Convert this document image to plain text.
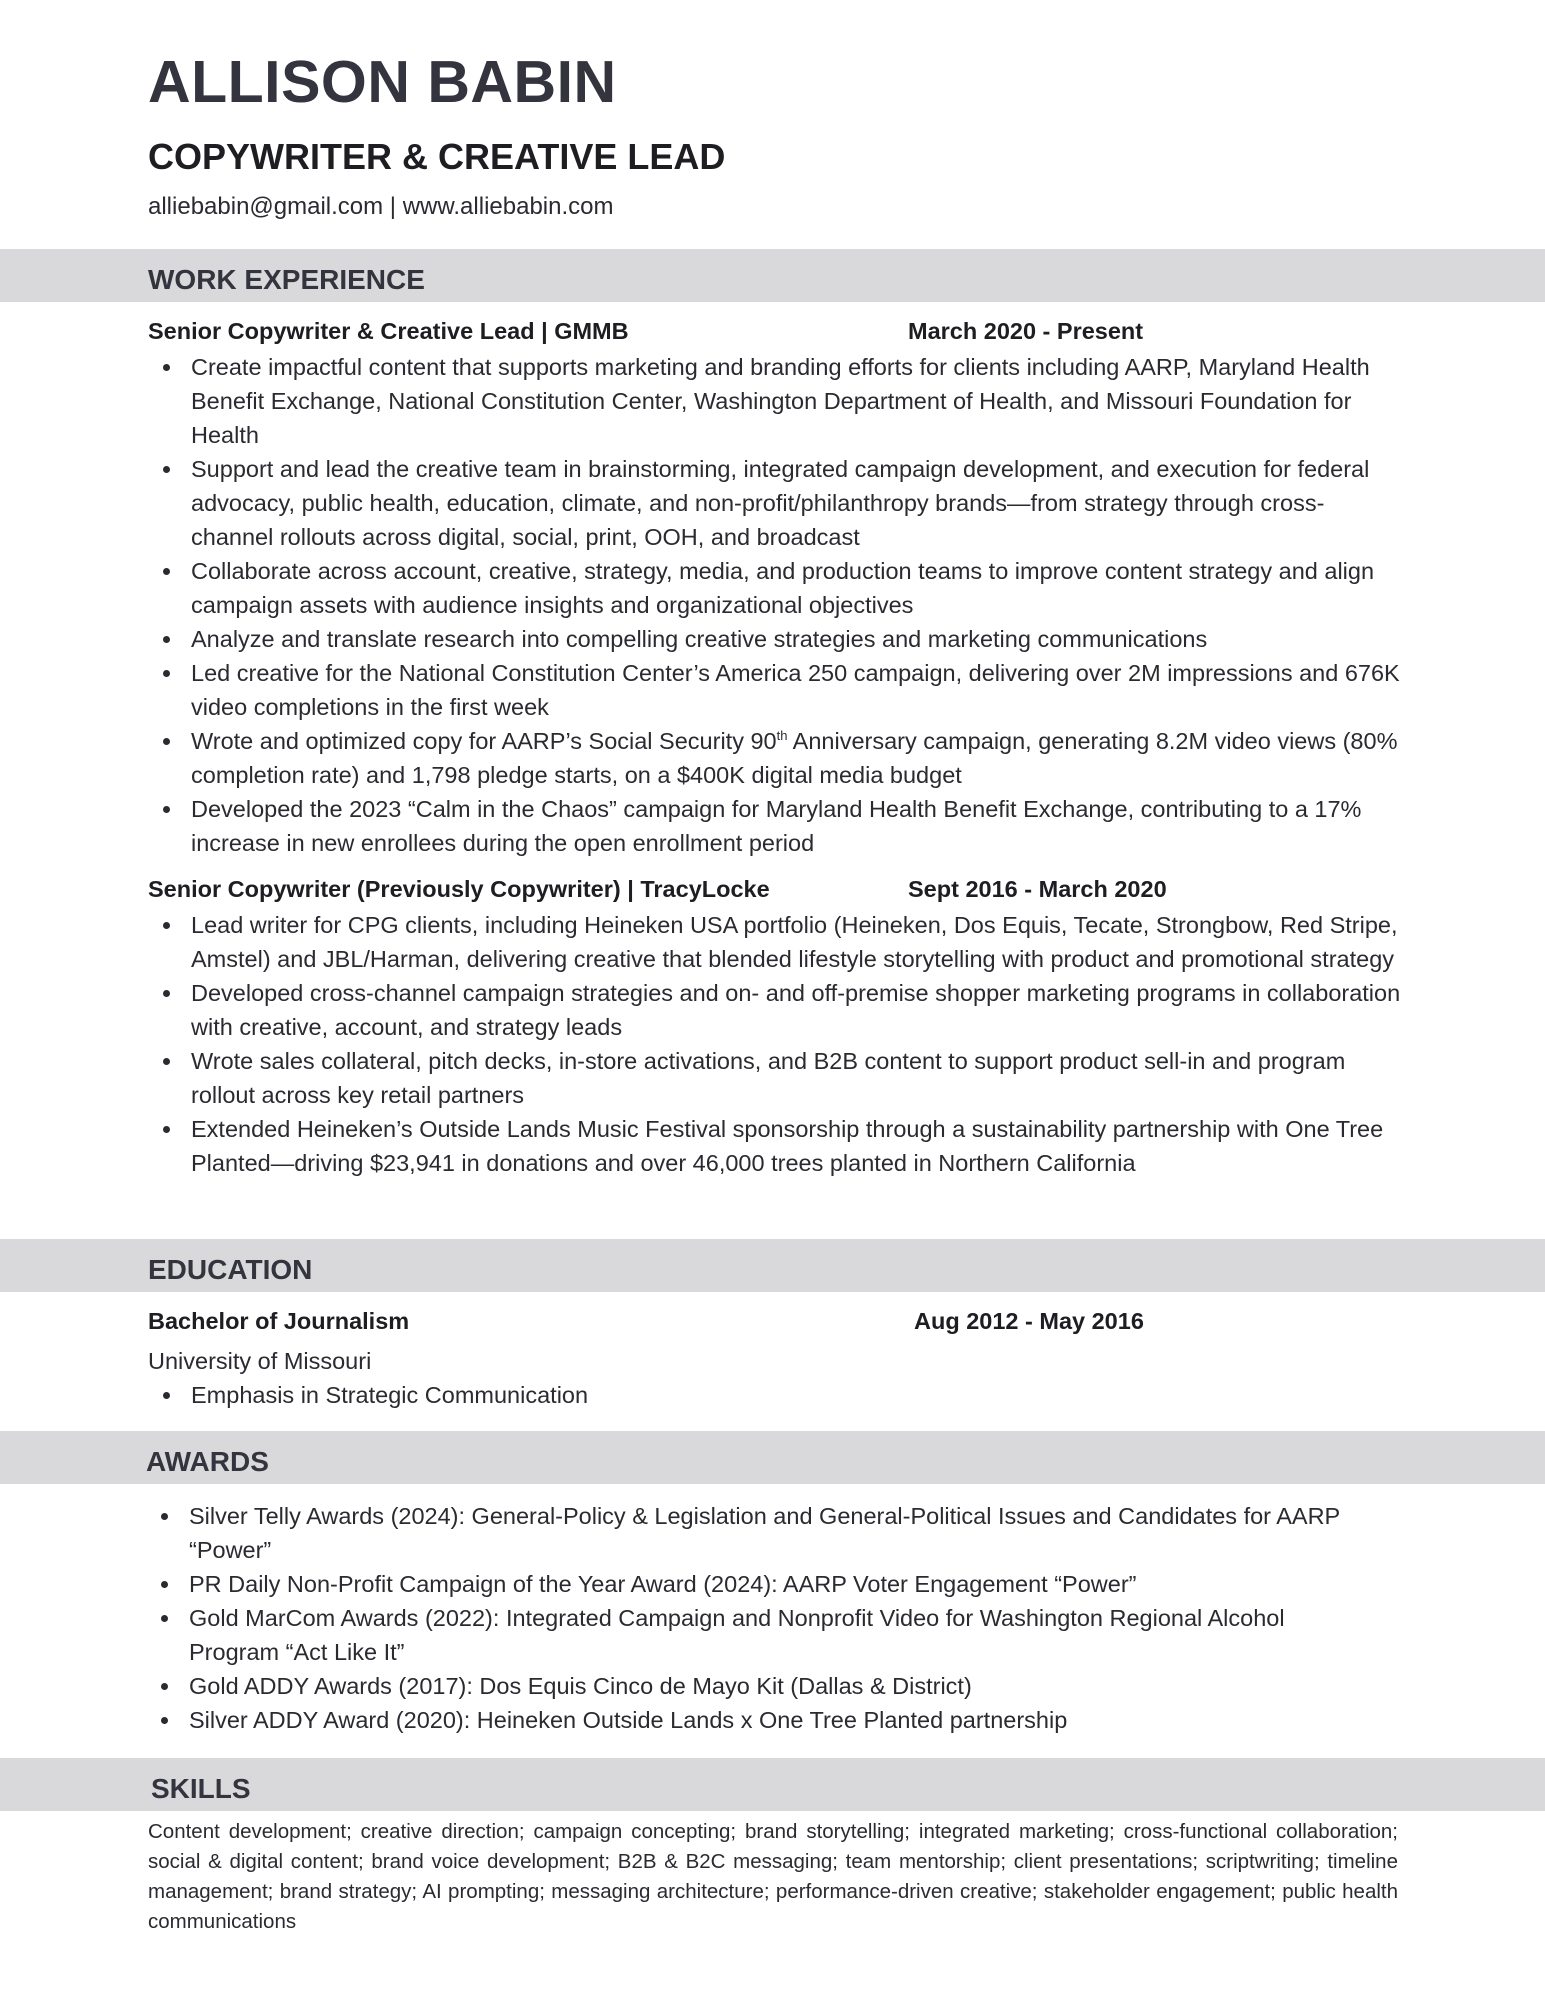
ALLISON BABIN
COPYWRITER & CREATIVE LEAD
alliebabin@gmail.com | www.alliebabin.com
WORK EXPERIENCE
Senior Copywriter & Creative Lead | GMMB	March 2020 - Present
Create impactful content that supports marketing and branding efforts for clients including AARP, Maryland Health Benefit Exchange, National Constitution Center, Washington Department of Health, and Missouri Foundation for Health
Support and lead the creative team in brainstorming, integrated campaign development, and execution for federal advocacy, public health, education, climate, and non-profit/philanthropy brands—from strategy through cross-channel rollouts across digital, social, print, OOH, and broadcast
Collaborate across account, creative, strategy, media, and production teams to improve content strategy and align campaign assets with audience insights and organizational objectives
Analyze and translate research into compelling creative strategies and marketing communications
Led creative for the National Constitution Center’s America 250 campaign, delivering over 2M impressions and 676K video completions in the first week
Wrote and optimized copy for AARP’s Social Security 90th Anniversary campaign, generating 8.2M video views (80% completion rate) and 1,798 pledge starts, on a $400K digital media budget
Developed the 2023 “Calm in the Chaos” campaign for Maryland Health Benefit Exchange, contributing to a 17% increase in new enrollees during the open enrollment period
Senior Copywriter (Previously Copywriter) | TracyLocke	Sept 2016 - March 2020
Lead writer for CPG clients, including Heineken USA portfolio (Heineken, Dos Equis, Tecate, Strongbow, Red Stripe, Amstel) and JBL/Harman, delivering creative that blended lifestyle storytelling with product and promotional strategy
Developed cross-channel campaign strategies and on- and off-premise shopper marketing programs in collaboration with creative, account, and strategy leads
Wrote sales collateral, pitch decks, in-store activations, and B2B content to support product sell-in and program rollout across key retail partners
Extended Heineken’s Outside Lands Music Festival sponsorship through a sustainability partnership with One Tree Planted—driving $23,941 in donations and over 46,000 trees planted in Northern California
EDUCATION
Bachelor of Journalism	Aug 2012 - May 2016
University of Missouri
Emphasis in Strategic Communication
AWARDS
Silver Telly Awards (2024): General-Policy & Legislation and General-Political Issues and Candidates for AARP “Power”
PR Daily Non-Profit Campaign of the Year Award (2024): AARP Voter Engagement “Power”
Gold MarCom Awards (2022): Integrated Campaign and Nonprofit Video for Washington Regional Alcohol Program “Act Like It”
Gold ADDY Awards (2017): Dos Equis Cinco de Mayo Kit (Dallas & District)
Silver ADDY Award (2020): Heineken Outside Lands x One Tree Planted partnership
SKILLS
Content development; creative direction; campaign concepting; brand storytelling; integrated marketing; cross-functional collaboration; social & digital content; brand voice development; B2B & B2C messaging; team mentorship; client presentations; scriptwriting; timeline management; brand strategy; AI prompting; messaging architecture; performance-driven creative; stakeholder engagement; public health communications
